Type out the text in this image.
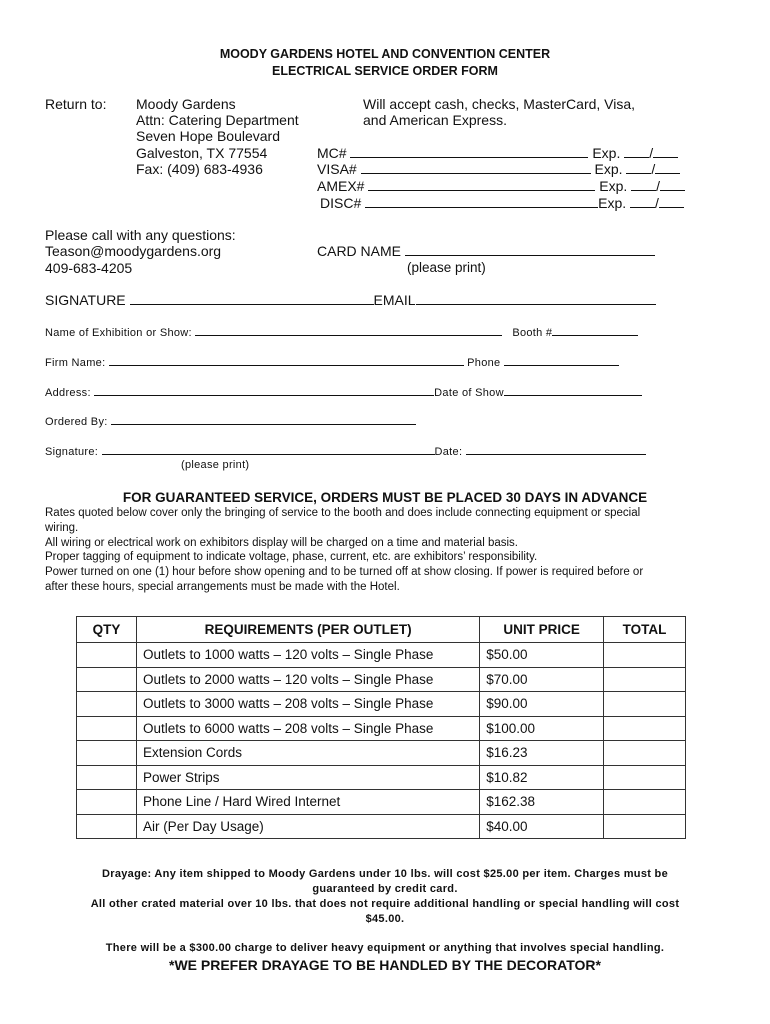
MOODY GARDENS HOTEL AND CONVENTION CENTER
ELECTRICAL SERVICE ORDER FORM
Return to: Moody Gardens
Attn: Catering Department
Seven Hope Boulevard
Galveston, TX 77554
Fax: (409) 683-4936
Will accept cash, checks, MasterCard, Visa,
and American Express.
MC#	Exp. /
VISA#	Exp. /
AMEX#	Exp. /
DISC#	Exp. /
Please call with any questions:
Teason@moodygardens.org
409-683-4205
CARD NAME
(please print)
SIGNATURE	EMAIL
Name of Exhibition or Show:	Booth #
Firm Name:	Phone
Address:	Date of Show
Ordered By:
Signature:	Date:
(please print)
FOR GUARANTEED SERVICE, ORDERS MUST BE PLACED 30 DAYS IN ADVANCE
Rates quoted below cover only the bringing of service to the booth and does include connecting equipment or special
wiring.
All wiring or electrical work on exhibitors display will be charged on a time and material basis.
Proper tagging of equipment to indicate voltage, phase, current, etc. are exhibitors’ responsibility.
Power turned on one (1) hour before show opening and to be turned off at show closing. If power is required before or
after these hours, special arrangements must be made with the Hotel.
QTY	REQUIREMENTS (PER OUTLET)	UNIT PRICE	TOTAL
	Outlets to 1000 watts – 120 volts – Single Phase	$50.00	
	Outlets to 2000 watts – 120 volts – Single Phase	$70.00	
	Outlets to 3000 watts – 208 volts – Single Phase	$90.00	
	Outlets to 6000 watts – 208 volts – Single Phase	$100.00	
	Extension Cords	$16.23	
	Power Strips	$10.82	
	Phone Line / Hard Wired Internet	$162.38	
	Air (Per Day Usage)	$40.00	
Drayage: Any item shipped to Moody Gardens under 10 lbs. will cost $25.00 per item. Charges must be
guaranteed by credit card.
All other crated material over 10 lbs. that does not require additional handling or special handling will cost
$45.00.
There will be a $300.00 charge to deliver heavy equipment or anything that involves special handling.
*WE PREFER DRAYAGE TO BE HANDLED BY THE DECORATOR*
